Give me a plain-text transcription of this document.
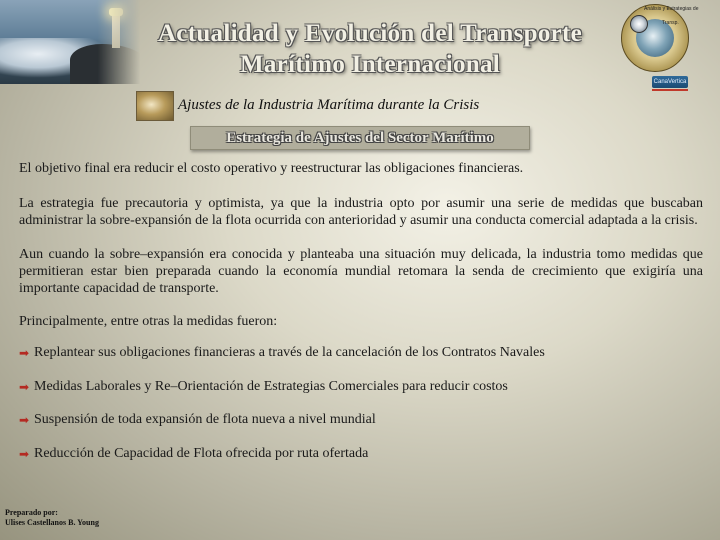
Actualidad y Evolución del Transporte
Marítimo Internacional
Análisis y Estrategias de
Transp.
CanaVertica
Ajustes de la Industria Marítima durante la Crisis
Estrategia de Ajustes del Sector Marítimo

El objetivo final era reducir el costo operativo y reestructurar las obligaciones financieras.

La estrategia fue precautoria y optimista, ya que la industria opto por asumir una serie de medidas que buscaban administrar la sobre-expansión de la flota ocurrida con anterioridad y asumir una conducta comercial adaptada a la crisis.

Aun cuando la sobre–expansión era conocida y planteaba una situación muy delicada, la industria tomo medidas que permitieran estar bien preparada cuando la economía mundial retomara la senda de crecimiento que exigiría una importante capacidad de transporte.

Principalmente, entre otras la medidas fueron:

➡ Replantear sus obligaciones financieras a través de la cancelación de los Contratos Navales
➡ Medidas Laborales y Re–Orientación de Estrategias Comerciales para reducir costos
➡ Suspensión de toda expansión de flota nueva a nivel mundial
➡ Reducción de Capacidad de Flota ofrecida por ruta ofertada
Preparado por:
Ulises Castellanos B. Young
